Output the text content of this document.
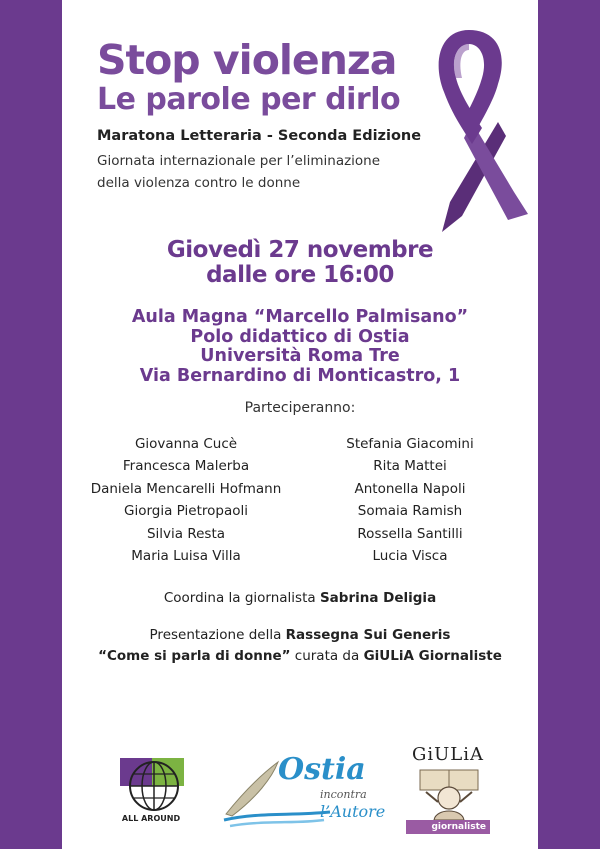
Stop violenza
Le parole per dirlo
Maratona Letteraria - Seconda Edizione
Giornata internazionale per l’eliminazione
della violenza contro le donne
Giovedì 27 novembre
dalle ore 16:00
Aula Magna “Marcello Palmisano”
Polo didattico di Ostia
Università Roma Tre
Via Bernardino di Monticastro, 1
Parteciperanno:
Giovanna Cucè
Francesca Malerba
Daniela Mencarelli Hofmann
Giorgia Pietropaoli
Silvia Resta
Maria Luisa Villa
Stefania Giacomini
Rita Mattei
Antonella Napoli
Somaia Ramish
Rossella Santilli
Lucia Visca
Coordina la giornalista Sabrina Deligia
Presentazione della Rassegna Sui Generis
“Come si parla di donne” curata da GiULiA Giornaliste
ALL AROUND
Ostia
incontra
l’Autore
GiULiA
giornaliste
